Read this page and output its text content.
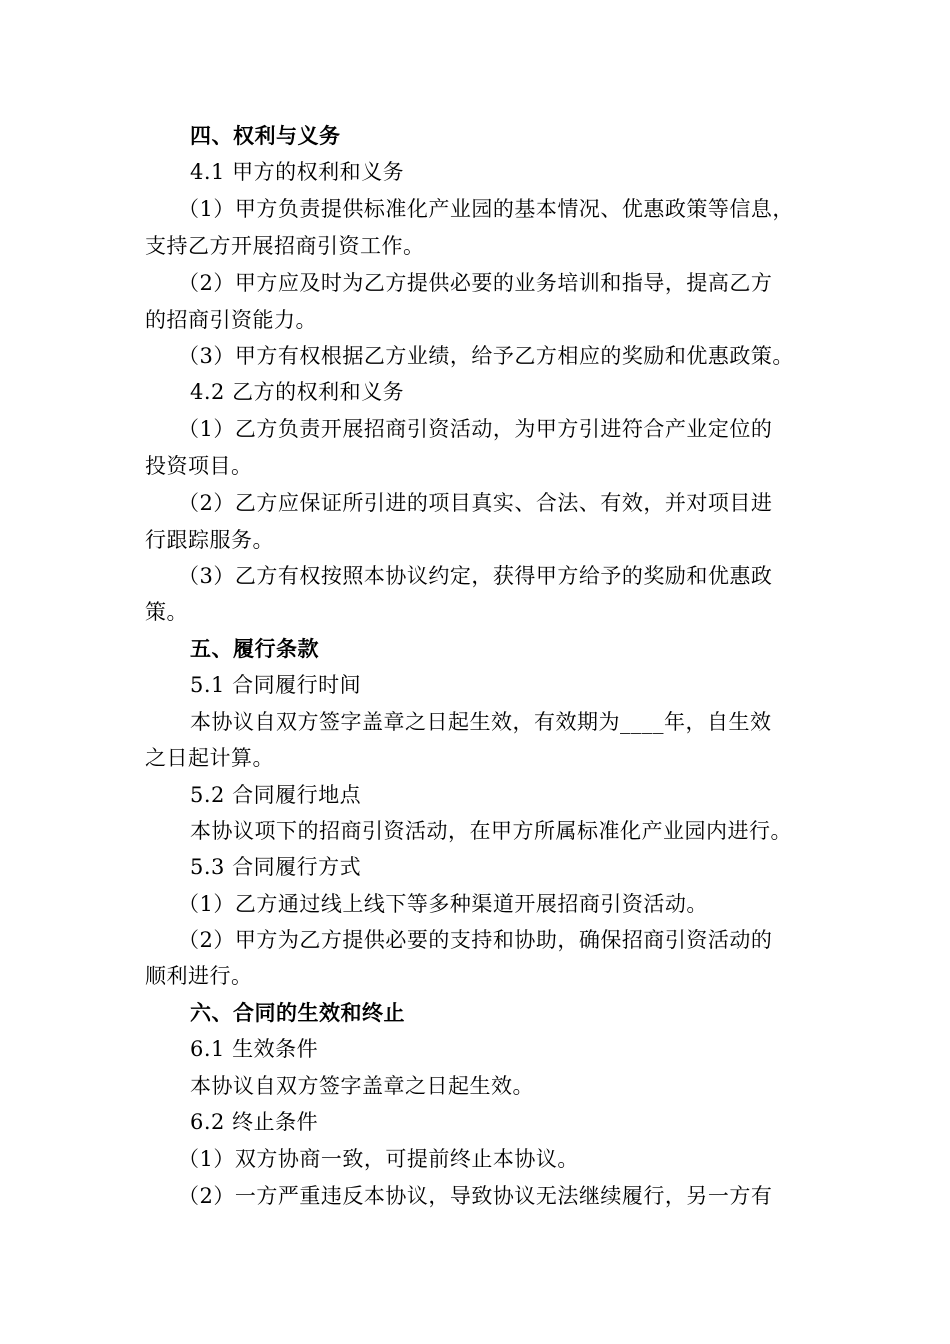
四、权利与义务
4.1 甲方的权利和义务
（1）甲方负责提供标准化产业园的基本情况、优惠政策等信息，
支持乙方开展招商引资工作。
（2）甲方应及时为乙方提供必要的业务培训和指导，提高乙方
的招商引资能力。
（3）甲方有权根据乙方业绩，给予乙方相应的奖励和优惠政策。
4.2 乙方的权利和义务
（1）乙方负责开展招商引资活动，为甲方引进符合产业定位的
投资项目。
（2）乙方应保证所引进的项目真实、合法、有效，并对项目进
行跟踪服务。
（3）乙方有权按照本协议约定，获得甲方给予的奖励和优惠政
策。
五、履行条款
5.1 合同履行时间
本协议自双方签字盖章之日起生效，有效期为____年，自生效
之日起计算。
5.2 合同履行地点
本协议项下的招商引资活动，在甲方所属标准化产业园内进行。
5.3 合同履行方式
（1）乙方通过线上线下等多种渠道开展招商引资活动。
（2）甲方为乙方提供必要的支持和协助，确保招商引资活动的
顺利进行。
六、合同的生效和终止
6.1 生效条件
本协议自双方签字盖章之日起生效。
6.2 终止条件
（1）双方协商一致，可提前终止本协议。
（2）一方严重违反本协议，导致协议无法继续履行，另一方有
